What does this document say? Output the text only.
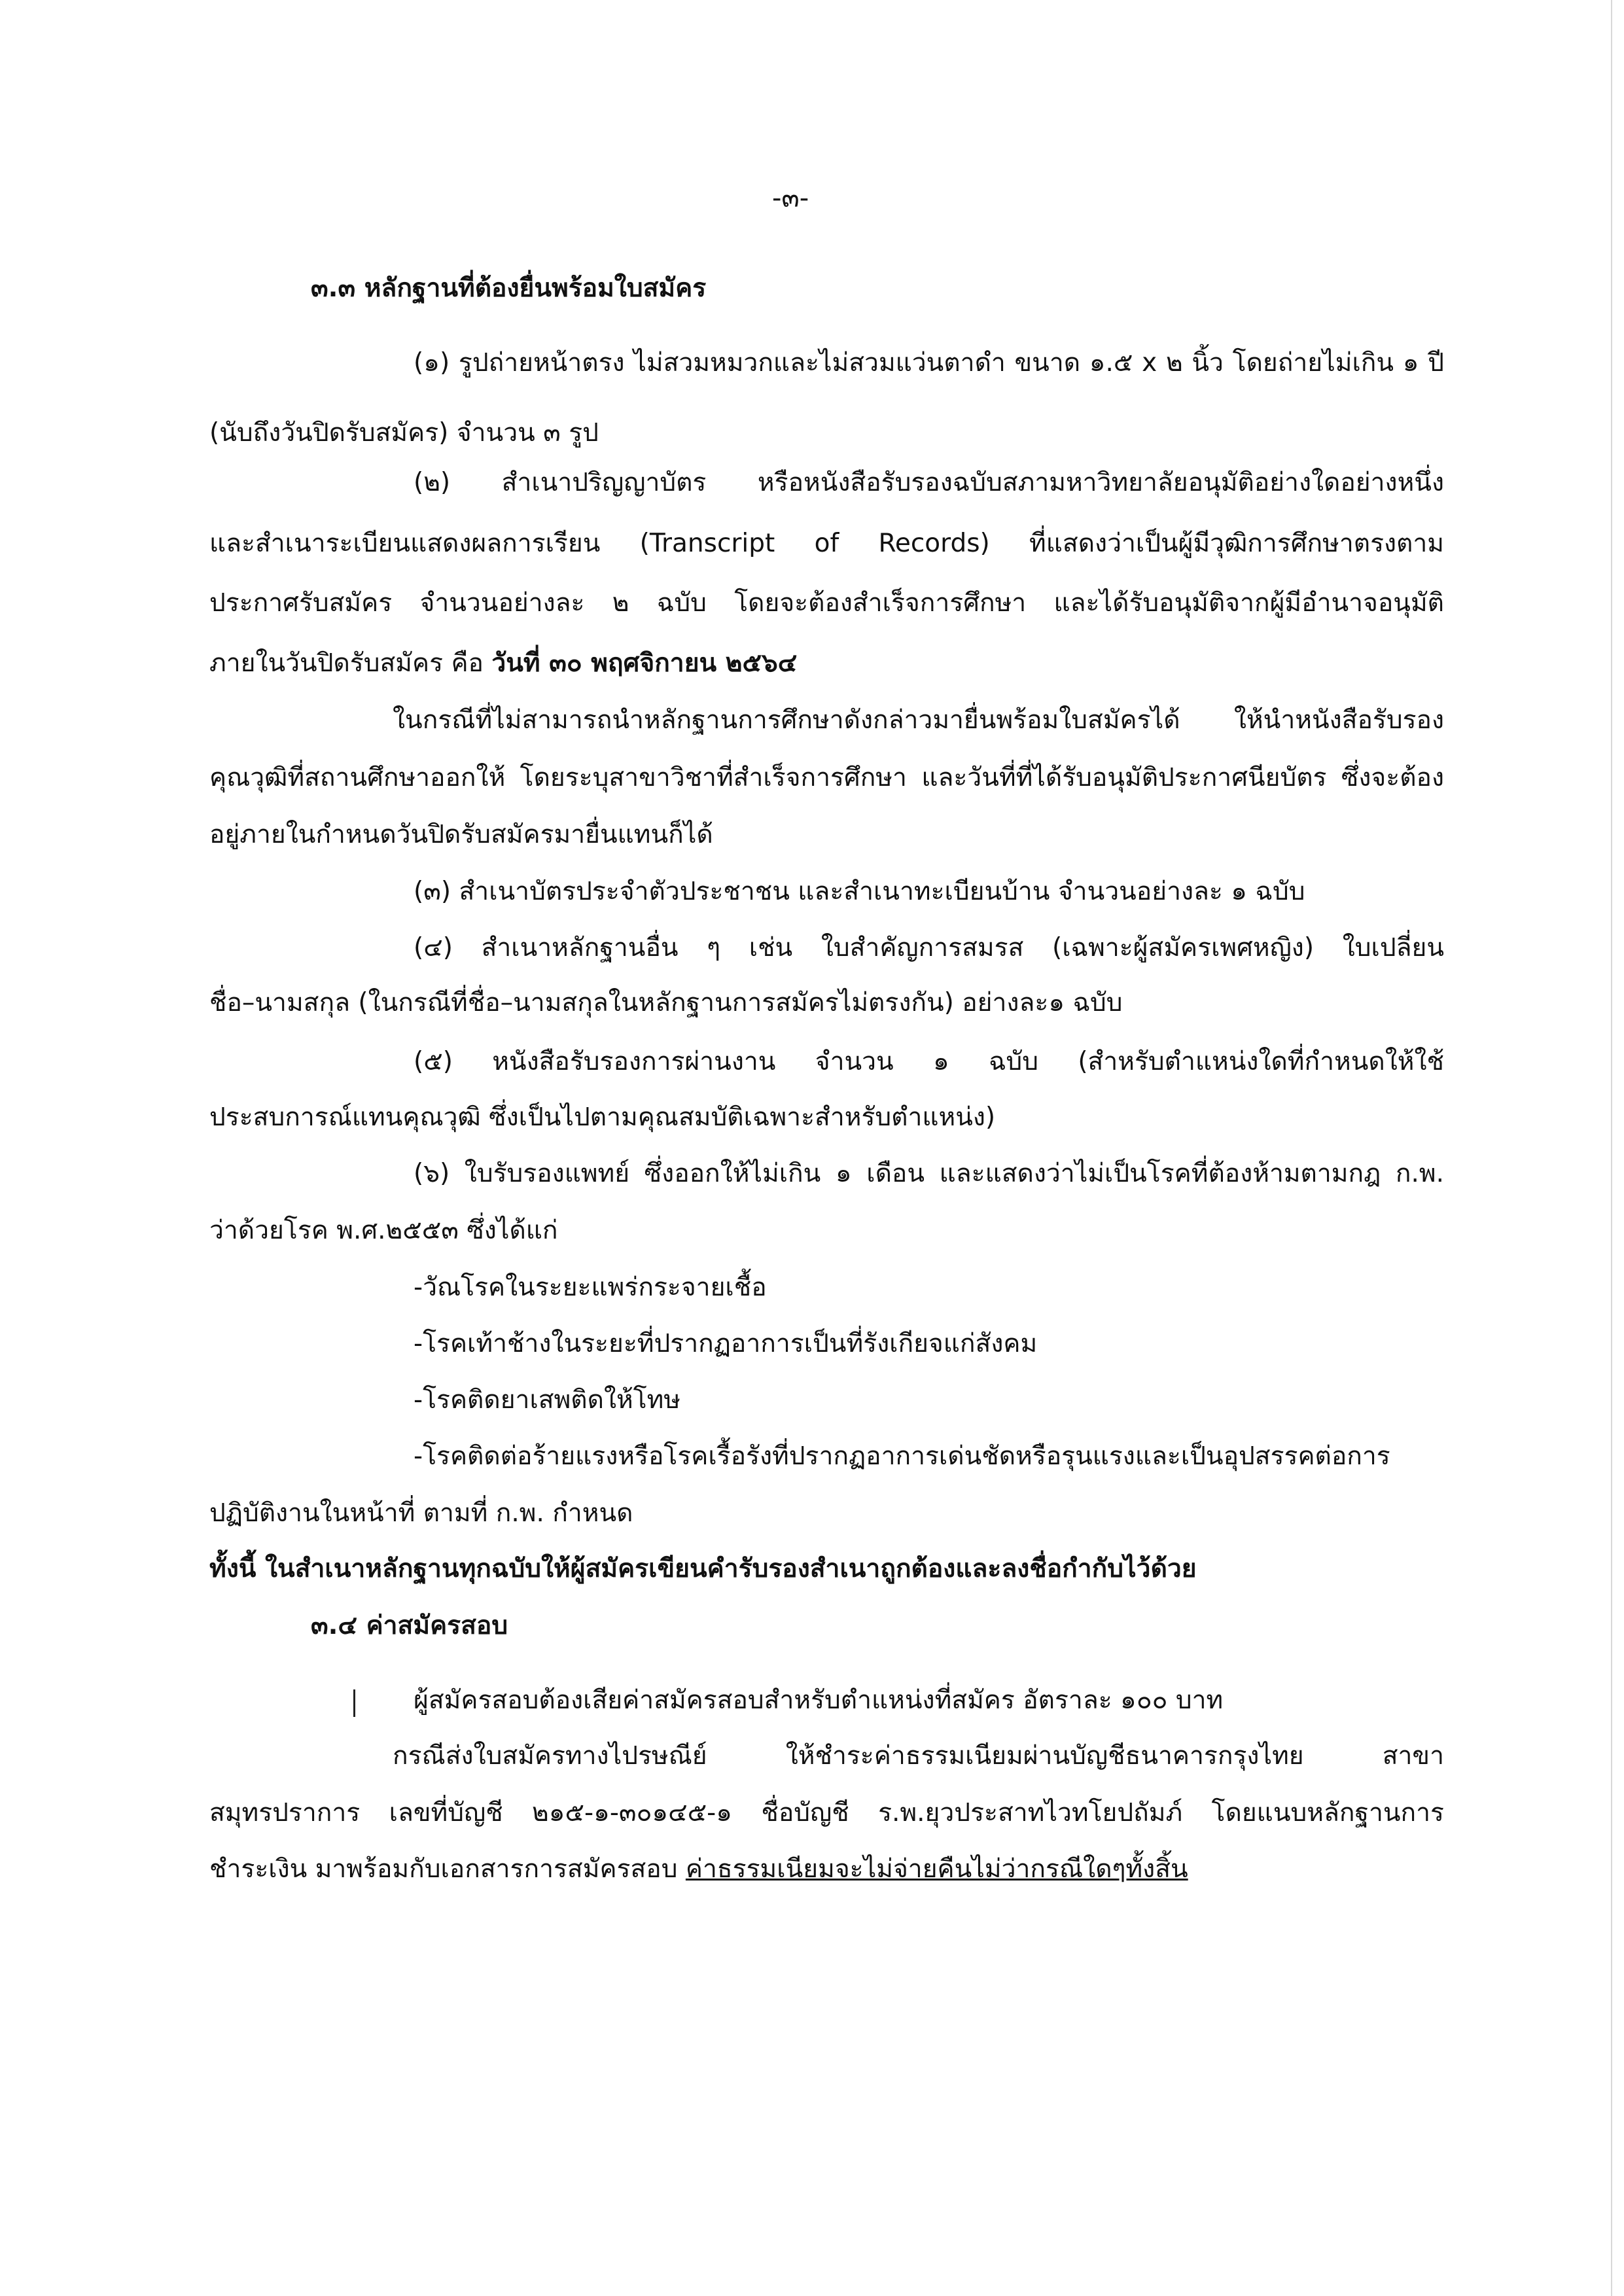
-๓-
๓.๓ หลักฐานที่ต้องยื่นพร้อมใบสมัคร
(๑) รูปถ่ายหน้าตรง ไม่สวมหมวกและไม่สวมแว่นตาดำ ขนาด ๑.๕ x ๒ นิ้ว โดยถ่ายไม่เกิน ๑ ปี
(นับถึงวันปิดรับสมัคร) จำนวน ๓ รูป
(๒) สำเนาปริญญาบัตร หรือหนังสือรับรองฉบับสภามหาวิทยาลัยอนุมัติอย่างใดอย่างหนึ่ง
และสำเนาระเบียนแสดงผลการเรียน (Transcript of Records) ที่แสดงว่าเป็นผู้มีวุฒิการศึกษาตรงตาม
ประกาศรับสมัคร จำนวนอย่างละ ๒ ฉบับ โดยจะต้องสำเร็จการศึกษา และได้รับอนุมัติจากผู้มีอำนาจอนุมัติ
ภายในวันปิดรับสมัคร คือ วันที่ ๓๐ พฤศจิกายน ๒๕๖๔
ในกรณีที่ไม่สามารถนำหลักฐานการศึกษาดังกล่าวมายื่นพร้อมใบสมัครได้ ให้นำหนังสือรับรอง
คุณวุฒิที่สถานศึกษาออกให้ โดยระบุสาขาวิชาที่สำเร็จการศึกษา และวันที่ที่ได้รับอนุมัติประกาศนียบัตร ซึ่งจะต้อง
อยู่ภายในกำหนดวันปิดรับสมัครมายื่นแทนก็ได้
(๓) สำเนาบัตรประจำตัวประชาชน และสำเนาทะเบียนบ้าน จำนวนอย่างละ ๑ ฉบับ
(๔) สำเนาหลักฐานอื่น ๆ เช่น ใบสำคัญการสมรส (เฉพาะผู้สมัครเพศหญิง) ใบเปลี่ยน
ชื่อ–นามสกุล (ในกรณีที่ชื่อ–นามสกุลในหลักฐานการสมัครไม่ตรงกัน) อย่างละ๑ ฉบับ
(๕) หนังสือรับรองการผ่านงาน จำนวน ๑ ฉบับ (สำหรับตำแหน่งใดที่กำหนดให้ใช้
ประสบการณ์แทนคุณวุฒิ ซึ่งเป็นไปตามคุณสมบัติเฉพาะสำหรับตำแหน่ง)
(๖) ใบรับรองแพทย์ ซึ่งออกให้ไม่เกิน ๑ เดือน และแสดงว่าไม่เป็นโรคที่ต้องห้ามตามกฎ ก.พ.
ว่าด้วยโรค พ.ศ.๒๕๕๓ ซึ่งได้แก่
-วัณโรคในระยะแพร่กระจายเชื้อ
-โรคเท้าช้างในระยะที่ปรากฏอาการเป็นที่รังเกียจแก่สังคม
-โรคติดยาเสพติดให้โทษ
-โรคติดต่อร้ายแรงหรือโรคเรื้อรังที่ปรากฏอาการเด่นชัดหรือรุนแรงและเป็นอุปสรรคต่อการ
ปฏิบัติงานในหน้าที่ ตามที่ ก.พ. กำหนด
ทั้งนี้ ในสำเนาหลักฐานทุกฉบับให้ผู้สมัครเขียนคำรับรองสำเนาถูกต้องและลงชื่อกำกับไว้ด้วย
๓.๔ ค่าสมัครสอบ
ผู้สมัครสอบต้องเสียค่าสมัครสอบสำหรับตำแหน่งที่สมัคร อัตราละ ๑๐๐ บาท
กรณีส่งใบสมัครทางไปรษณีย์ ให้ชำระค่าธรรมเนียมผ่านบัญชีธนาคารกรุงไทย สาขา
สมุทรปราการ เลขที่บัญชี ๒๑๕-๑-๓๐๑๔๕-๑ ชื่อบัญชี ร.พ.ยุวประสาทไวทโยปถัมภ์ โดยแนบหลักฐานการ
ชำระเงิน มาพร้อมกับเอกสารการสมัครสอบ ค่าธรรมเนียมจะไม่จ่ายคืนไม่ว่ากรณีใดๆทั้งสิ้น
